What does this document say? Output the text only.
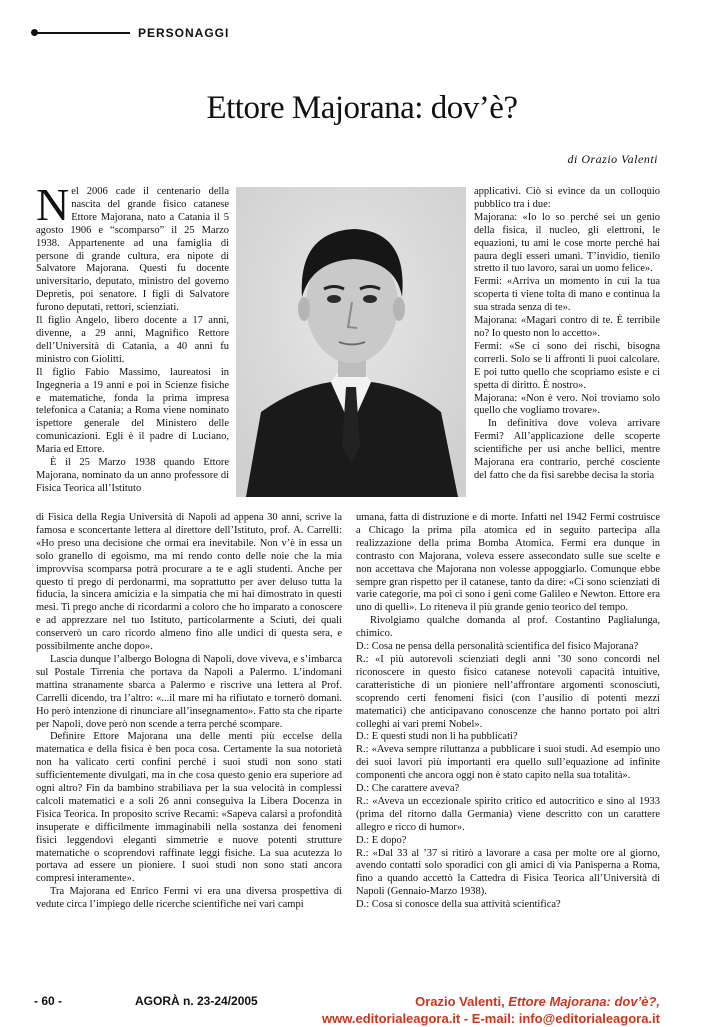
PERSONAGGI
Ettore Majorana: dov’è?
di Orazio Valenti

Nel 2006 cade il centenario della nascita del grande fisico catanese Ettore Majorana, nato a Catania il 5 agosto 1906 e “scomparso” il 25 Marzo 1938. Appartenente ad una famiglia di persone di grande cultura, era nipote di Salvatore Majorana. Questi fu docente universitario, deputato, ministro del governo Depretis, poi senatore. I figli di Salvatore furono deputati, rettori, scienziati.

Il figlio Angelo, libero docente a 17 anni, divenne, a 29 anni, Magnifico Rettore dell’Università di Catania, a 40 anni fu ministro con Giolitti.

Il figlio Fabio Massimo, laureatosi in Ingegneria a 19 anni e poi in Scienze fisiche e matematiche, fonda la prima impresa telefonica a Catania; a Roma viene nominato ispettore generale del Ministero delle comunicazioni. Egli è il padre di Luciano, Maria ed Ettore.

È il 25 Marzo 1938 quando Ettore Majorana, nominato da un anno professore di Fisica Teorica all’Istituto

applicativi. Ciò si evince da un colloquio pubblico tra i due:

Majorana: «Io lo so perché sei un genio della fisica, il nucleo, gli elettroni, le equazioni, tu ami le cose morte perché hai paura degli esseri umani. T’invidio, tienilo stretto il tuo lavoro, sarai un uomo felice».

Fermi: «Arriva un momento in cui la tua scoperta ti viene tolta di mano e continua la sua strada senza di te».

Majorana: «Magari contro di te. È terribile no? Io questo non lo accetto».

Fermi: «Se ci sono dei rischi, bisogna correrli. Solo se li affronti li puoi calcolare. E poi tutto quello che scopriamo esiste e ci spetta di diritto. È nostro».

Majorana: «Non è vero. Noi troviamo solo quello che vogliamo trovare».

In definitiva dove voleva arrivare Fermi? All’applicazione delle scoperte scientifiche per usi anche bellici, mentre Majorana era contrario, perché cosciente del fatto che da fisi sarebbe decisa la storia

di Fisica della Regia Università di Napoli ad appena 30 anni, scrive la famosa e sconcertante lettera al direttore dell’Istituto, prof. A. Carrelli: «Ho preso una decisione che ormai era inevitabile. Non v’è in essa un solo granello di egoismo, ma mi rendo conto delle noie che la mia improvvisa scomparsa potrà procurare a te e agli studenti. Anche per questo ti prego di perdonarmi, ma soprattutto per aver deluso tutta la fiducia, la sincera amicizia e la simpatia che mi hai dimostrato in questi mesi. Ti prego anche di ricordarmi a coloro che ho imparato a conoscere e ad apprezzare nel tuo Istituto, particolarmente a Sciuti, dei quali conserverò un caro ricordo almeno fino alle undici di questa sera, e possibilmente anche dopo».

Lascia dunque l’albergo Bologna di Napoli, dove viveva, e s’imbarca sul Postale Tirrenia che portava da Napoli a Palermo. L’indomani mattina stranamente sbarca a Palermo e riscrive una lettera al Prof. Carrelli dicendo, tra l’altro: «...il mare mi ha rifiutato e tornerò domani. Ho però intenzione di rinunciare all’insegnamento». Fatto sta che riparte per Napoli, dove però non scende a terra perché scompare.

Definire Ettore Majorana una delle menti più eccelse della matematica e della fisica è ben poca cosa. Certamente la sua notorietà non ha valicato certi confini perché i suoi studi non sono stati sufficientemente divulgati, ma in che cosa questo genio era superiore ad ogni altro? Fin da bambino strabiliava per la sua velocità in complessi calcoli matematici e a soli 26 anni conseguiva la Libera Docenza in Fisica Teorica. In proposito scrive Recami: «Sapeva calarsi a profondità insuperate e difficilmente immaginabili nella sostanza dei fenomeni fisici leggendovi eleganti simmetrie e nuove potenti strutture matematiche o scoprendovi raffinate leggi fisiche. La sua acutezza lo portava ad essere un pioniere. I suoi studi non sono stati ancora compresi interamente».

Tra Majorana ed Enrico Fermi vi era una diversa prospettiva di vedute circa l’impiego delle ricerche scientifiche nei vari campi

umana, fatta di distruzione e di morte. Infatti nel 1942 Fermi costruisce a Chicago la prima pila atomica ed in seguito partecipa alla realizzazione della prima Bomba Atomica. Fermi era dunque in contrasto con Majorana, voleva essere assecondato sulle sue scelte e non accettava che Majorana non volesse appoggiarlo. Comunque ebbe sempre gran rispetto per il catanese, tanto da dire: «Ci sono scienziati di varie categorie, ma poi ci sono i geni come Galileo e Newton. Ettore era uno di quelli». Lo riteneva il più grande genio teorico del tempo.

Rivolgiamo qualche domanda al prof. Costantino Paglialunga, chimico.

D.: Cosa ne pensa della personalità scientifica del fisico Majorana?

R.: «I più autorevoli scienziati degli anni ’30 sono concordi nel riconoscere in questo fisico catanese notevoli capacità intuitive, caratteristiche di un pioniere nell’affrontare argomenti sconosciuti, scoprendo certi fenomeni fisici (con l’ausilio di potenti mezzi matematici) che anticipavano conoscenze che hanno portato poi altri colleghi ai vari premi Nobel».

D.: E questi studi non li ha pubblicati?

R.: «Aveva sempre riluttanza a pubblicare i suoi studi. Ad esempio uno dei suoi lavori più importanti era quello sull’equazione ad infinite componenti che ancora oggi non è stato capito nella sua totalità».

D.: Che carattere aveva?

R.: «Aveva un eccezionale spirito critico ed autocritico e sino al 1933 (prima del ritorno dalla Germania) viene descritto con un carattere allegro e ricco di humor».

D.: E dopo?

R.: «Dal 33 al ’37 si ritirò a lavorare a casa per molte ore al giorno, avendo contatti solo sporadici con gli amici di via Panisperna a Roma, fino a quando accettò la Cattedra di Fisica Teorica all’Università di Napoli (Gennaio-Marzo 1938).

D.: Cosa si conosce della sua attività scientifica?

- 60 -	AGORÀ n. 23-24/2005	Orazio Valenti, Ettore Majorana: dov’è?,
www.editorialeagora.it - E-mail: info@editorialeagora.it
